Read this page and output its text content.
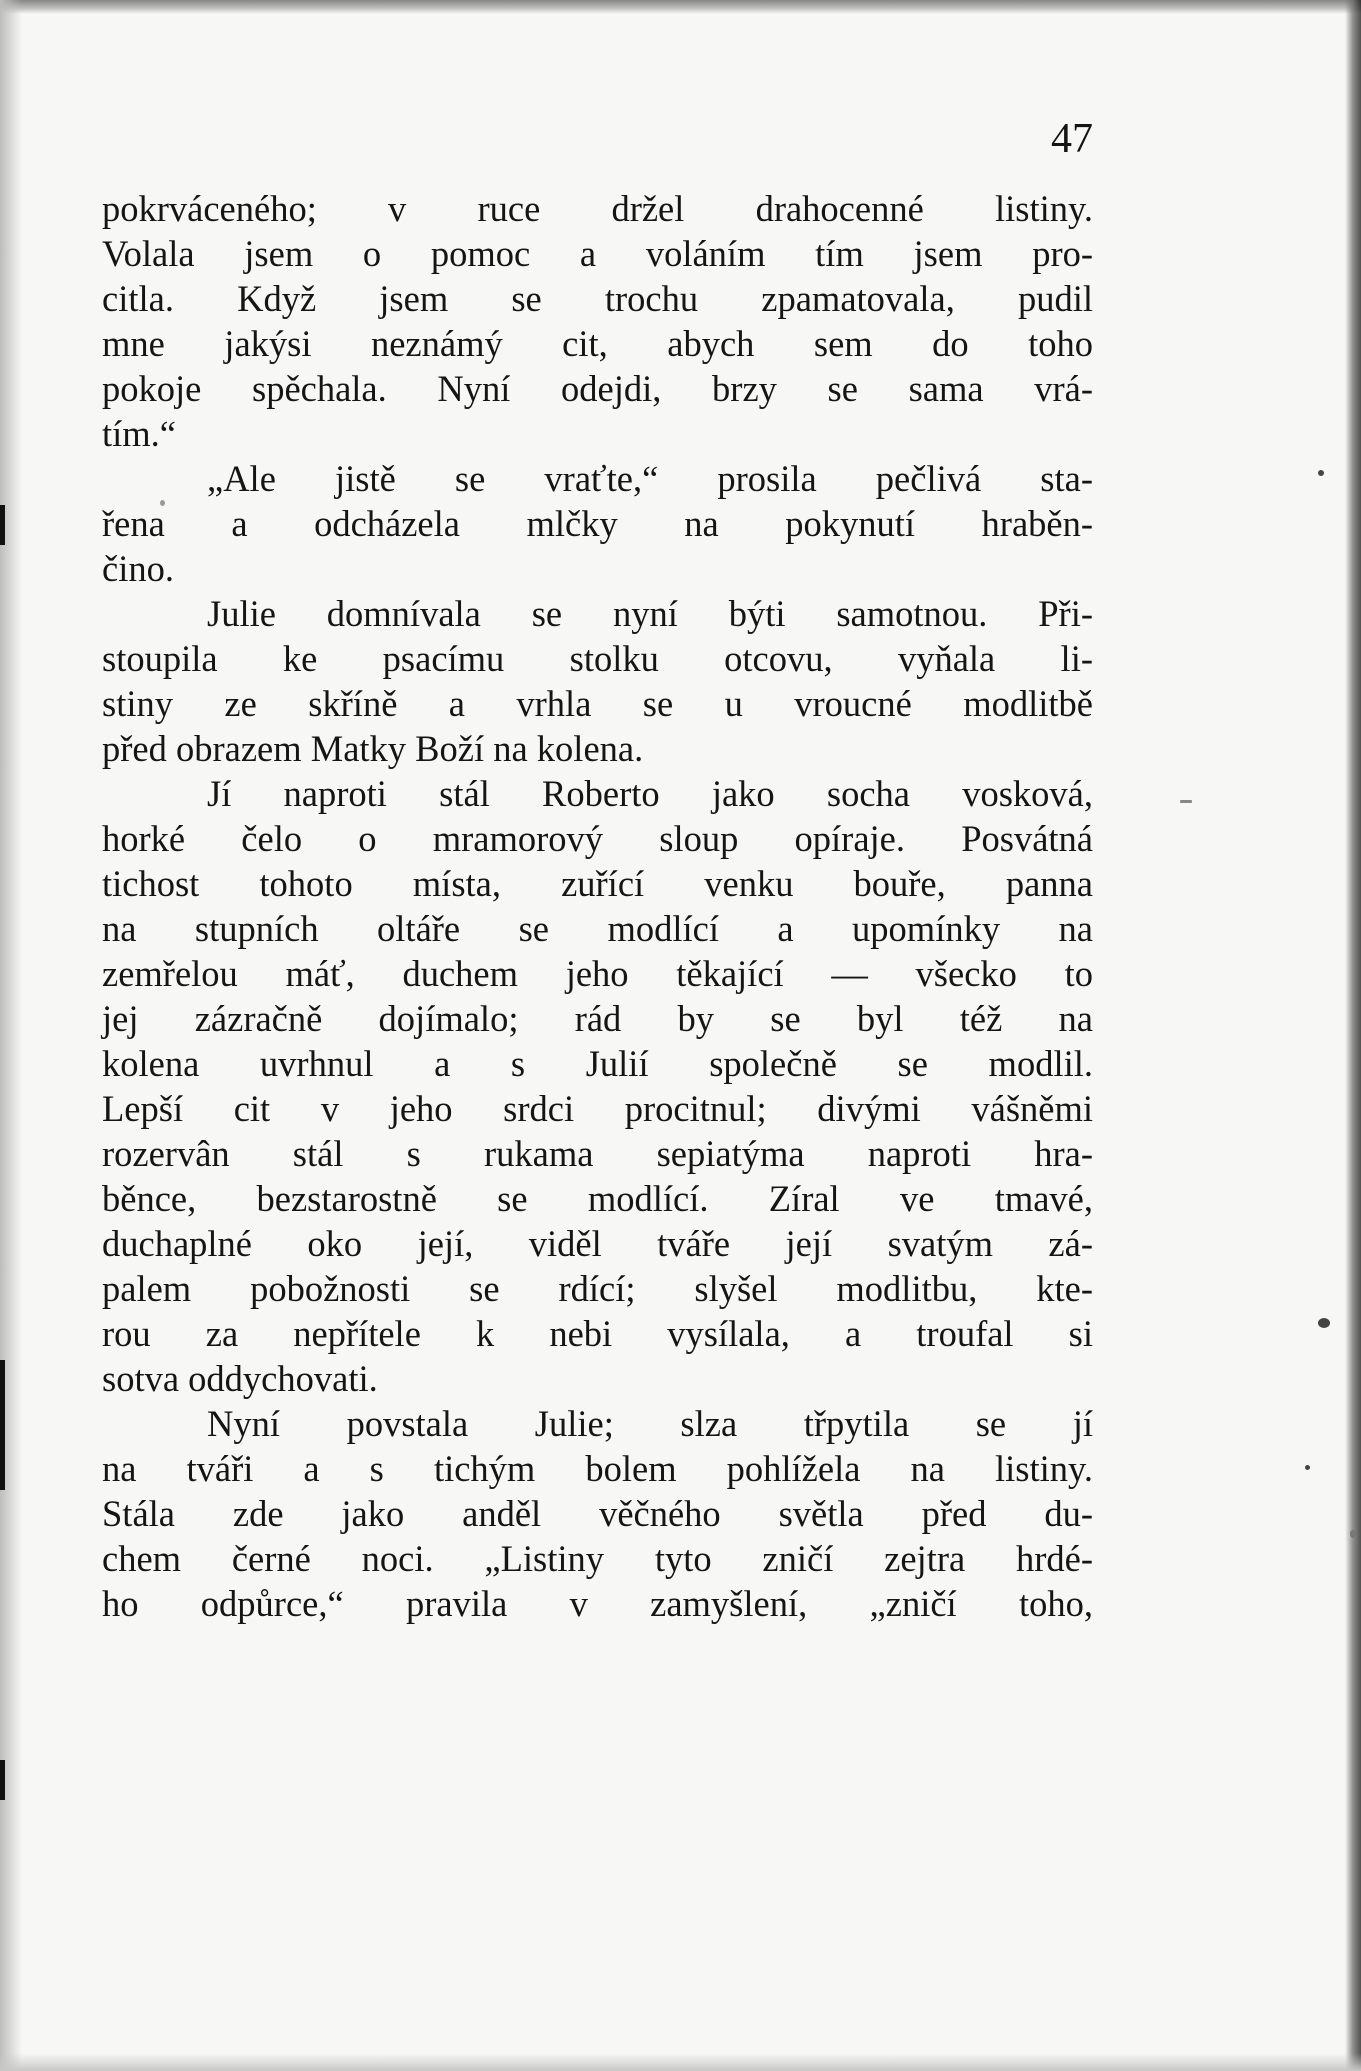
47
pokrváceného; v ruce držel drahocenné listiny.
Volala jsem o pomoc a voláním tím jsem pro-
citla. Když jsem se trochu zpamatovala, pudil
mne jakýsi neznámý cit, abych sem do toho
pokoje spěchala. Nyní odejdi, brzy se sama vrá-
tím.“
„Ale jistě se vraťte,“ prosila pečlivá sta-
řena a odcházela mlčky na pokynutí hraběn-
čino.
Julie domnívala se nyní býti samotnou. Při-
stoupila ke psacímu stolku otcovu, vyňala li-
stiny ze skříně a vrhla se u vroucné modlitbě
před obrazem Matky Boží na kolena.
Jí naproti stál Roberto jako socha vosková,
horké čelo o mramorový sloup opíraje. Posvátná
tichost tohoto místa, zuřící venku bouře, panna
na stupních oltáře se modlící a upomínky na
zemřelou máť, duchem jeho těkající — všecko to
jej zázračně dojímalo; rád by se byl též na
kolena uvrhnul a s Julií společně se modlil.
Lepší cit v jeho srdci procitnul; divými vášněmi
rozervân stál s rukama sepiatýma naproti hra-
běnce, bezstarostně se modlící. Zíral ve tmavé,
duchaplné oko její, viděl tváře její svatým zá-
palem pobožnosti se rdící; slyšel modlitbu, kte-
rou za nepřítele k nebi vysílala, a troufal si
sotva oddychovati.
Nyní povstala Julie; slza třpytila se jí
na tváři a s tichým bolem pohlížela na listiny.
Stála zde jako anděl věčného světla před du-
chem černé noci. „Listiny tyto zničí zejtra hrdé-
ho odpůrce,“ pravila v zamyšlení, „zničí toho,
